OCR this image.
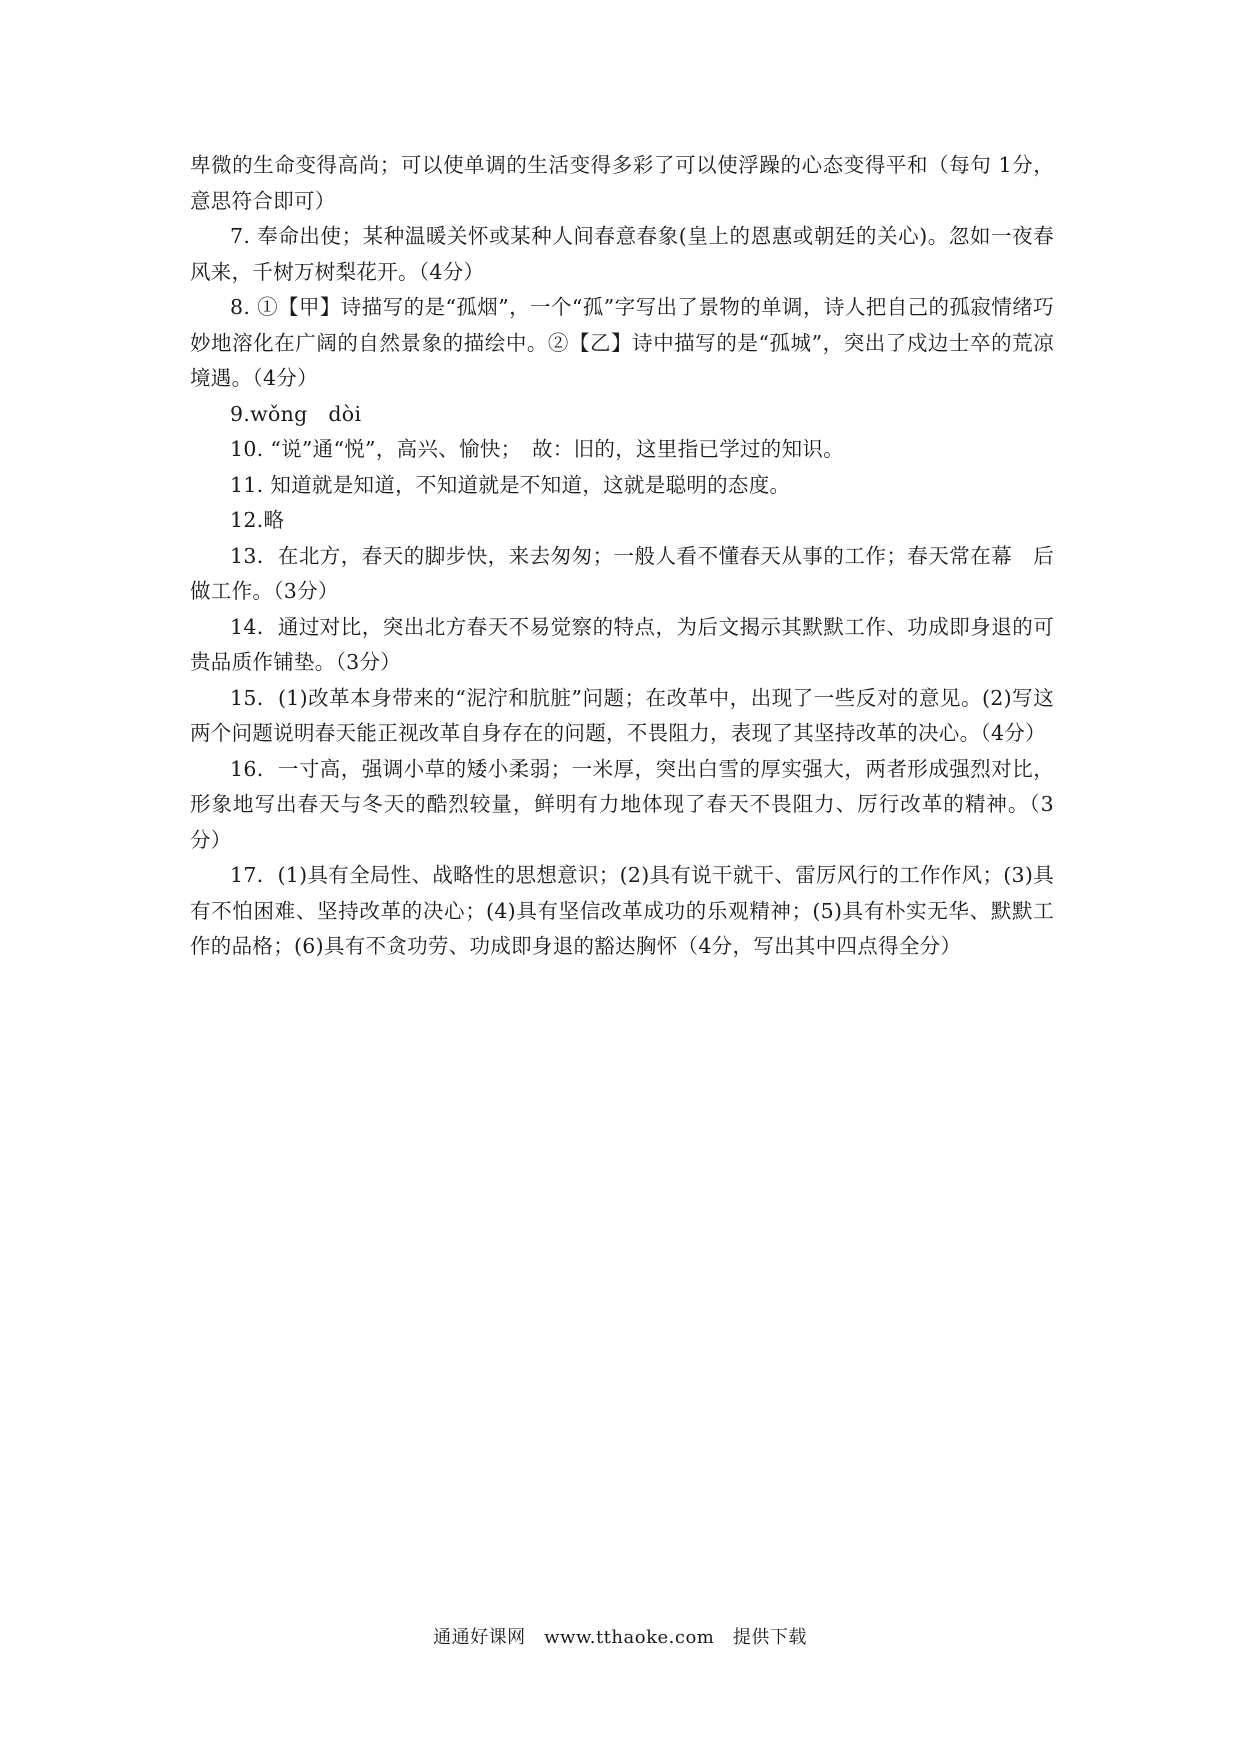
卑微的生命变得高尚；可以使单调的生活变得多彩了可以使浮躁的心态变得平和（每句 1分，意思符合即可）

7. 奉命出使；某种温暖关怀或某种人间春意春象(皇上的恩惠或朝廷的关心)。忽如一夜春风来，千树万树梨花开。（4分）

8. ①【甲】诗描写的是“孤烟”，一个“孤”字写出了景物的单调，诗人把自己的孤寂情绪巧妙地溶化在广阔的自然景象的描绘中。②【乙】诗中描写的是“孤城”，突出了戍边士卒的荒凉境遇。（4分）

9.wǒng　dòi

10. “说”通“悦”，高兴、愉快；　故：旧的，这里指已学过的知识。

11. 知道就是知道，不知道就是不知道，这就是聪明的态度。

12.略

13．在北方，春天的脚步快，来去匆匆；一般人看不懂春天从事的工作；春天常在幕　后做工作。（3分）

14．通过对比，突出北方春天不易觉察的特点，为后文揭示其默默工作、功成即身退的可贵品质作铺垫。（3分）

15．(1)改革本身带来的“泥泞和肮脏”问题；在改革中，出现了一些反对的意见。(2)写这两个问题说明春天能正视改革自身存在的问题，不畏阻力，表现了其坚持改革的决心。（4分）

16．一寸高，强调小草的矮小柔弱；一米厚，突出白雪的厚实强大，两者形成强烈对比，形象地写出春天与冬天的酷烈较量，鲜明有力地体现了春天不畏阻力、厉行改革的精神。（3分）

17．(1)具有全局性、战略性的思想意识；(2)具有说干就干、雷厉风行的工作作风；(3)具有不怕困难、坚持改革的决心；(4)具有坚信改革成功的乐观精神；(5)具有朴实无华、默默工作的品格；(6)具有不贪功劳、功成即身退的豁达胸怀（4分，写出其中四点得全分）

通通好课网　www.tthaoke.com　提供下载
